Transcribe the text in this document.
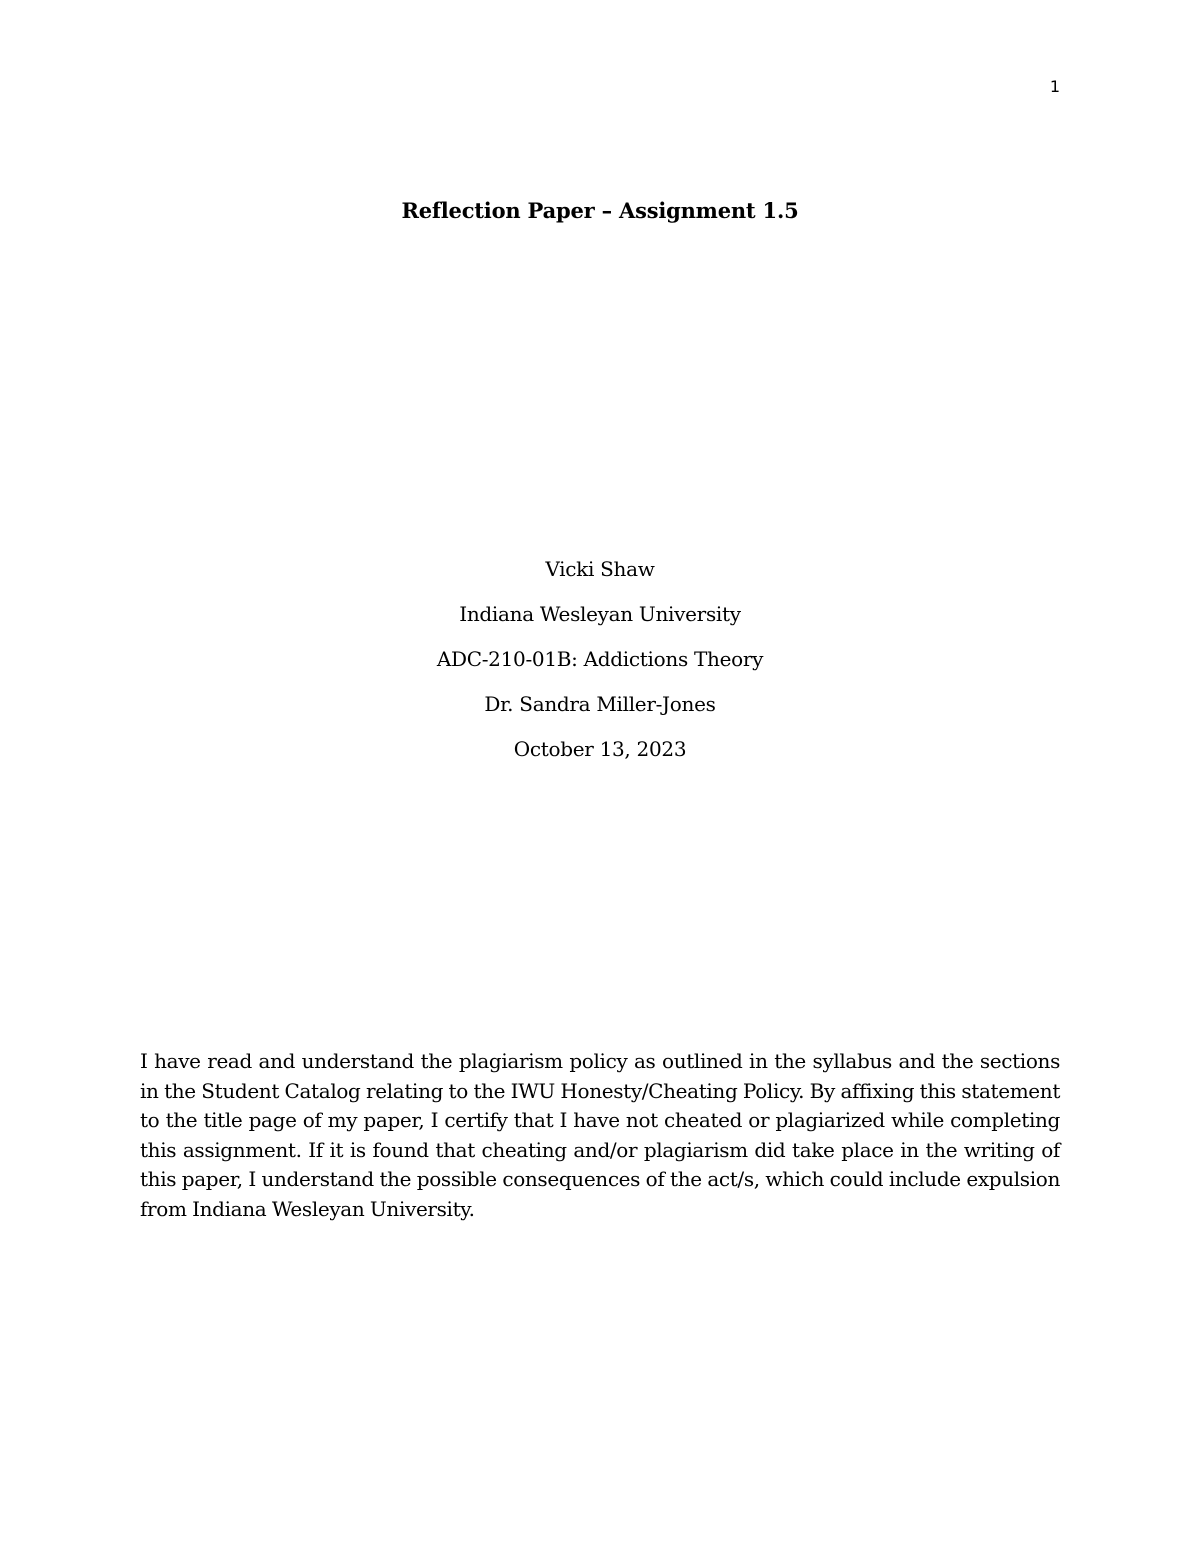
1
Reflection Paper – Assignment 1.5
Vicki Shaw
Indiana Wesleyan University
ADC-210-01B: Addictions Theory
Dr. Sandra Miller-Jones
October 13, 2023

I have read and understand the plagiarism policy as outlined in the syllabus and the sections in the Student Catalog relating to the IWU Honesty/Cheating Policy. By affixing this statement to the title page of my paper, I certify that I have not cheated or plagiarized while completing this assignment. If it is found that cheating and/or plagiarism did take place in the writing of this paper, I understand the possible consequences of the act/s, which could include expulsion from Indiana Wesleyan University.
